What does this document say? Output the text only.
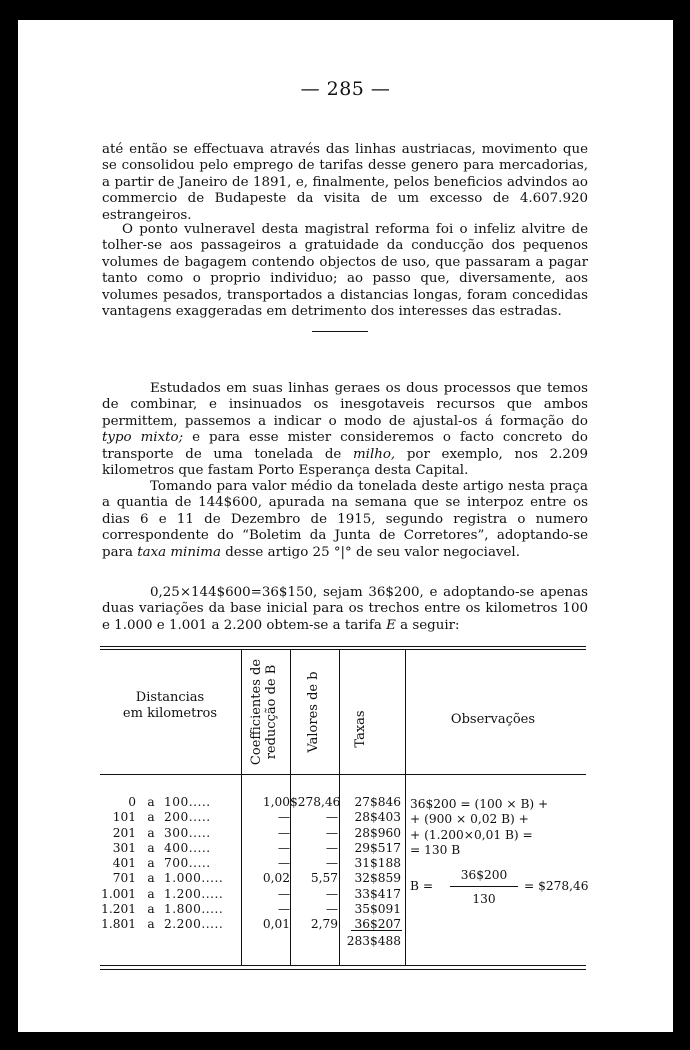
— 285 —

até então se effectuava através das linhas austriacas, movimento que se consolidou pelo emprego de tarifas desse genero para mercadorias, a partir de Janeiro de 1891, e, finalmente, pelos beneficios advindos ao commercio de Budapeste da visita de um excesso de 4.607.920 estrangeiros.

O ponto vulneravel desta magistral reforma foi o infeliz alvitre de tolher-se aos passageiros a gratuidade da conducção dos pequenos volumes de bagagem contendo objectos de uso, que passaram a pagar tanto como o proprio individuo; ao passo que, diversamente, aos volumes pesados, transportados a distancias longas, foram concedidas vantagens exaggeradas em detrimento dos interesses das estradas.

Estudados em suas linhas geraes os dous processos que temos de combinar, e insinuados os inesgotaveis recursos que ambos permittem, passemos a indicar o modo de ajustal-os á formação do typo mixto; e para esse mister consideremos o facto concreto do transporte de uma tonelada de milho, por exemplo, nos 2.209 kilometros que fastam Porto Esperança desta Capital.

Tomando para valor médio da tonelada deste artigo nesta praça a quantia de 144$600, apurada na semana que se interpoz entre os dias 6 e 11 de Dezembro de 1915, segundo registra o numero correspondente do “Boletim da Junta de Corretores”, adoptando-se para taxa minima desse artigo 25 °|° de seu valor negociavel.

0,25×144$600=36$150, sejam 36$200, e adoptando-se apenas duas variações da base inicial para os trechos entre os kilometros 100 e 1.000 e 1.001 a 2.200 obtem-se a tarifa E a seguir:

Distancias
em kilometros	Coefficientes de reducção de B Valores de b Taxas	Observações
0
101
201
301
401
701
1.001
1.201
1.801
a
a
a
a
a
a
a
a
a
100.....
200.....
300.....
400.....
700.....
1.000.....
1.200.....
1.800.....
2.200.....
1,00
—
—
—
—
0,02
—
—
0,01
$278,46
—
—
—
—
5,57
—
—
2,79
27$846
28$403
28$960
29$517
31$188
32$859
33$417
35$091
36$207
283$488
36$200 = (100 × B) +
+ (900 × 0,02 B) +
+ (1.200×0,01 B) =
= 130 B
B =
36$200
130
= $278,46
